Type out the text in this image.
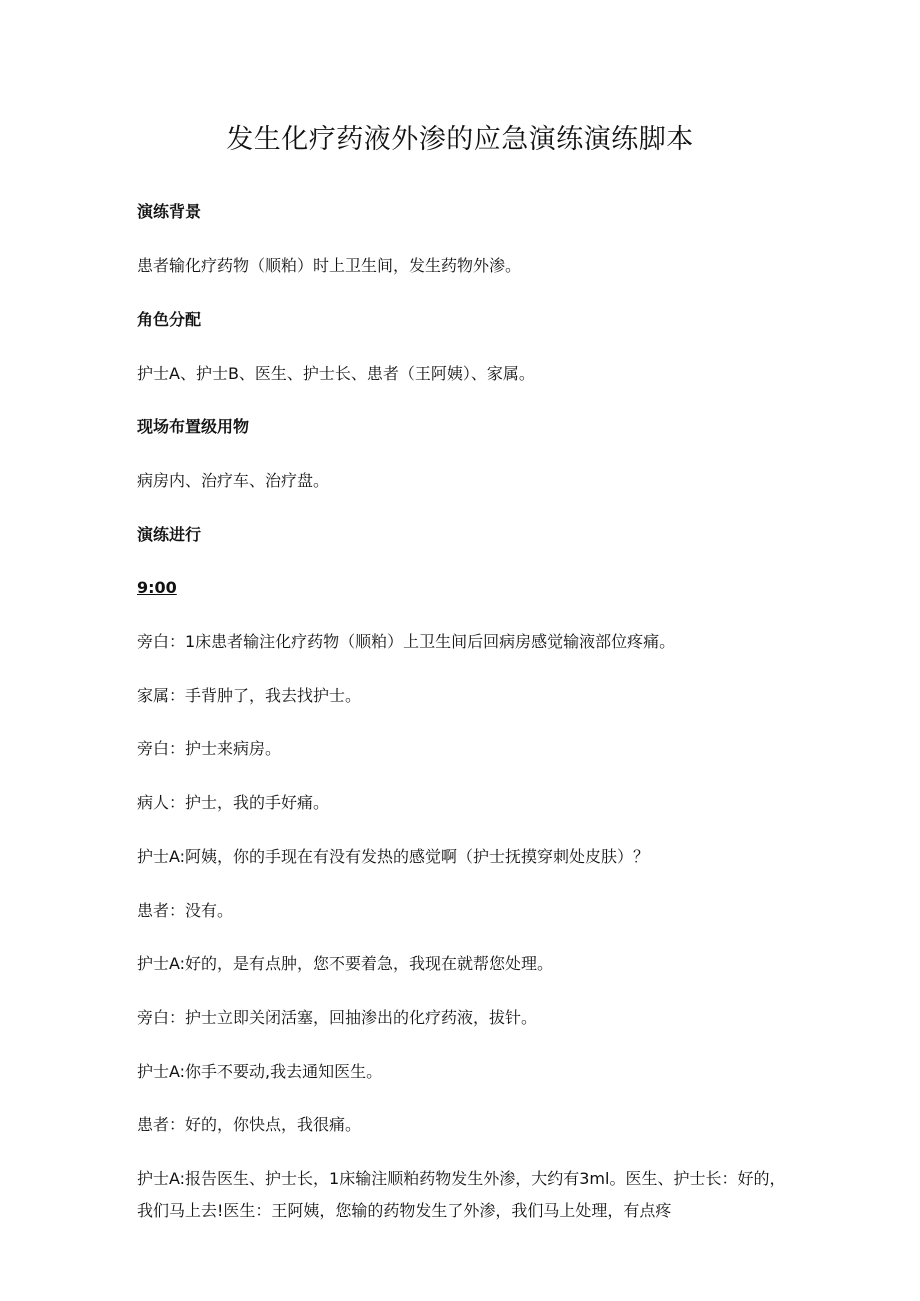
发生化疗药液外渗的应急演练演练脚本
演练背景
患者输化疗药物（顺粕）时上卫生间，发生药物外渗。
角色分配
护士A、护士B、医生、护士长、患者（王阿姨）、家属。
现场布置级用物
病房内、治疗车、治疗盘。
演练进行
9:00
旁白：1床患者输注化疗药物（顺粕）上卫生间后回病房感觉输液部位疼痛。
家属：手背肿了，我去找护士。
旁白：护士来病房。
病人：护士，我的手好痛。
护士A:阿姨，你的手现在有没有发热的感觉啊（护士抚摸穿刺处皮肤）？
患者：没有。
护士A:好的，是有点肿，您不要着急，我现在就帮您处理。
旁白：护士立即关闭活塞，回抽渗出的化疗药液，拔针。
护士A:你手不要动,我去通知医生。
患者：好的，你快点，我很痛。
护士A:报告医生、护士长，1床输注顺粕药物发生外渗，大约有3ml。医生、护士长：好的，我们马上去!医生：王阿姨，您输的药物发生了外渗，我们马上处理，有点疼
